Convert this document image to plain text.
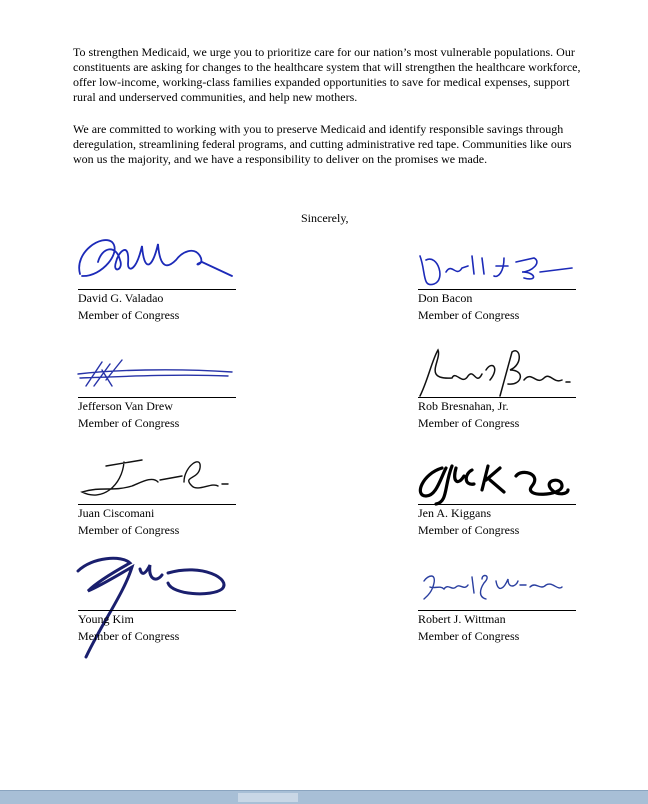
To strengthen Medicaid, we urge you to prioritize care for our nation’s most vulnerable populations. Our constituents are asking for changes to the healthcare system that will strengthen the healthcare workforce, offer low-income, working-class families expanded opportunities to save for medical expenses, support rural and underserved communities, and help new mothers.

We are committed to working with you to preserve Medicaid and identify responsible savings through deregulation, streamlining federal programs, and cutting administrative red tape. Communities like ours won us the majority, and we have a responsibility to deliver on the promises we made.

Sincerely,
David G. Valadao
Member of Congress
Don Bacon
Member of Congress
Jefferson Van Drew
Member of Congress
Rob Bresnahan, Jr.
Member of Congress
Juan Ciscomani
Member of Congress
Jen A. Kiggans
Member of Congress
Young Kim
Member of Congress
Robert J. Wittman
Member of Congress
